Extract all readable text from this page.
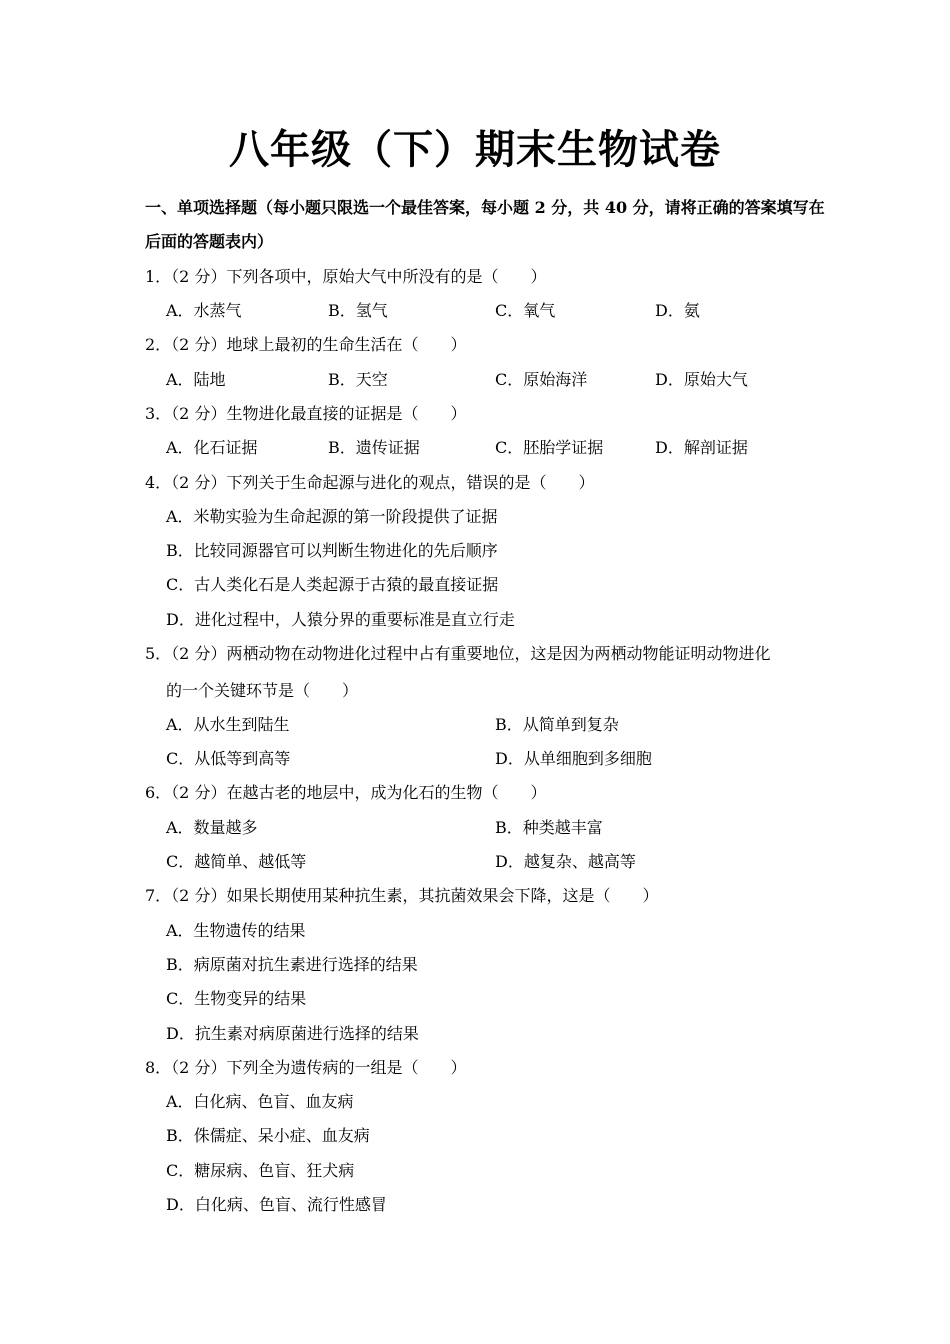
八年级（下）期末生物试卷
一、单项选择题（每小题只限选一个最佳答案，每小题 2 分，共 40 分，请将正确的答案填写在后面的答题表内）
1．（2 分）下列各项中，原始大气中所没有的是（　　）
A．水蒸气	B．氢气	C．氧气	D．氨
2．（2 分）地球上最初的生命生活在（　　）
A．陆地	B．天空	C．原始海洋	D．原始大气
3．（2 分）生物进化最直接的证据是（　　）
A．化石证据	B．遗传证据	C．胚胎学证据	D．解剖证据
4．（2 分）下列关于生命起源与进化的观点，错误的是（　　）
A．米勒实验为生命起源的第一阶段提供了证据
B．比较同源器官可以判断生物进化的先后顺序
C．古人类化石是人类起源于古猿的最直接证据
D．进化过程中，人猿分界的重要标准是直立行走
5．（2 分）两栖动物在动物进化过程中占有重要地位，这是因为两栖动物能证明动物进化
的一个关键环节是（　　）
A．从水生到陆生	B．从简单到复杂
C．从低等到高等	D．从单细胞到多细胞
6．（2 分）在越古老的地层中，成为化石的生物（　　）
A．数量越多	B．种类越丰富
C．越简单、越低等	D．越复杂、越高等
7．（2 分）如果长期使用某种抗生素，其抗菌效果会下降，这是（　　）
A．生物遗传的结果
B．病原菌对抗生素进行选择的结果
C．生物变异的结果
D．抗生素对病原菌进行选择的结果
8．（2 分）下列全为遗传病的一组是（　　）
A．白化病、色盲、血友病
B．侏儒症、呆小症、血友病
C．糖尿病、色盲、狂犬病
D．白化病、色盲、流行性感冒
